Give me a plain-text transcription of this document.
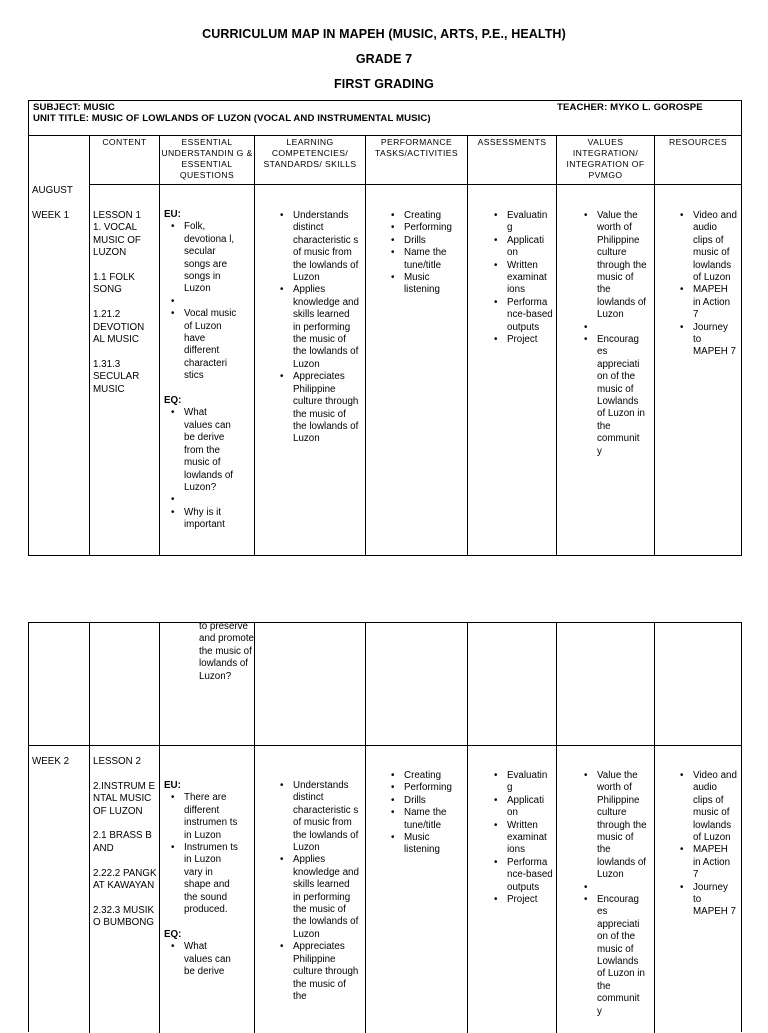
CURRICULUM MAP IN MAPEH (MUSIC, ARTS, P.E., HEALTH)
GRADE 7
FIRST GRADING
SUBJECT: MUSIC
UNIT TITLE: MUSIC OF LOWLANDS OF LUZON (VOCAL AND INSTRUMENTAL MUSIC)
TEACHER: MYKO L. GOROSPE
CONTENT	ESSENTIAL UNDERSTANDIN G & ESSENTIAL QUESTIONS
LEARNING COMPETENCIES/ STANDARDS/ SKILLS
PERFORMANCE TASKS/ACTIVITIES
ASSESSMENTS	VALUES INTEGRATION/ INTEGRATION OF PVMGO
RESOURCES
AUGUST
WEEK 1 LESSON 1
1. VOCAL MUSIC OF LUZON
1.1 FOLK SONG
1.21.2 DEVOTION AL MUSIC
1.31.3 SECULAR MUSIC
EU:
• Folk, devotiona l, secular songs are songs in Luzon
•
• Vocal music of Luzon have different characteri stics
EQ:
• What values can be derive from the music of lowlands of Luzon?
•
• Why is it important
• Understands distinct characteristic s of music from the lowlands of Luzon
• Applies knowledge and skills learned in performing the music of the lowlands of Luzon
• Appreciates Philippine culture through the music of the lowlands of Luzon
• Creating
• Performing
• Drills
• Name the tune/title
• Music listening
• Evaluatin g
• Applicati on
• Written examinat ions
• Performa nce-based outputs
• Project
• Value the worth of Philippine culture through the music of the lowlands of Luzon
•
• Encourag es appreciati on of the music of Lowlands of Luzon in the communit y
• Video and audio clips of music of lowlands of Luzon
• MAPEH in Action 7
• Journey to MAPEH 7
to preserve and promote the music of lowlands of Luzon?
WEEK 2 LESSON 2
2.INSTRUM ENTAL MUSIC OF LUZON
2.1 BRASS BAND
2.22.2 PANGKAT KAWAYAN
2.32.3 MUSIKO BUMBONG
EU:
• There are different instrumen ts in Luzon
• Instrumen ts in Luzon vary in shape and the sound produced.
EQ:
• What values can be derive
• Understands distinct characteristic s of music from the lowlands of Luzon
• Applies knowledge and skills learned in performing the music of the lowlands of Luzon
• Appreciates Philippine culture through the music of the
• Creating
• Performing
• Drills
• Name the tune/title
• Music listening
• Evaluatin g
• Applicati on
• Written examinat ions
• Performa nce-based outputs
• Project
• Value the worth of Philippine culture through the music of the lowlands of Luzon
•
• Encourag es appreciati on of the music of Lowlands of Luzon in the communit y
• Video and audio clips of music of lowlands of Luzon
• MAPEH in Action 7
• Journey to MAPEH 7
